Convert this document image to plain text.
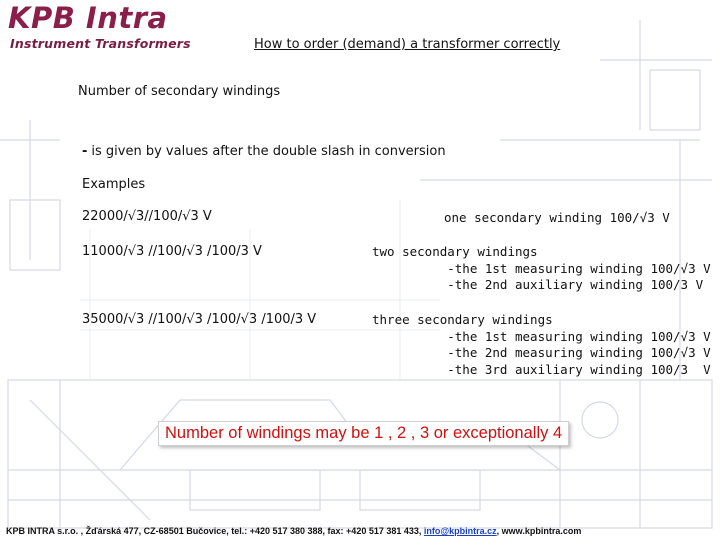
KPB Intra
Instrument Transformers	How to order (demand) a transformer correctly
Number of secondary windings
- is given by values after the double slash in conversion
Examples
22000/√3//100/√3 V	one secondary winding 100/√3 V
11000/√3 //100/√3 /100/3 V	two secondary windings
-the 1st measuring winding 100/√3 V
-the 2nd auxiliary winding 100/3 V
35000/√3 //100/√3 /100/√3 /100/3 V	three secondary windings
-the 1st measuring winding 100/√3 V
-the 2nd measuring winding 100/√3 V
-the 3rd auxiliary winding 100/3  V
Number of windings may be 1 , 2 , 3 or exceptionally 4
KPB INTRA s.r.o. , Žďárská 477, CZ-68501 Bučovice, tel.: +420 517 380 388, fax: +420 517 381 433, info@kpbintra.cz, www.kpbintra.com
